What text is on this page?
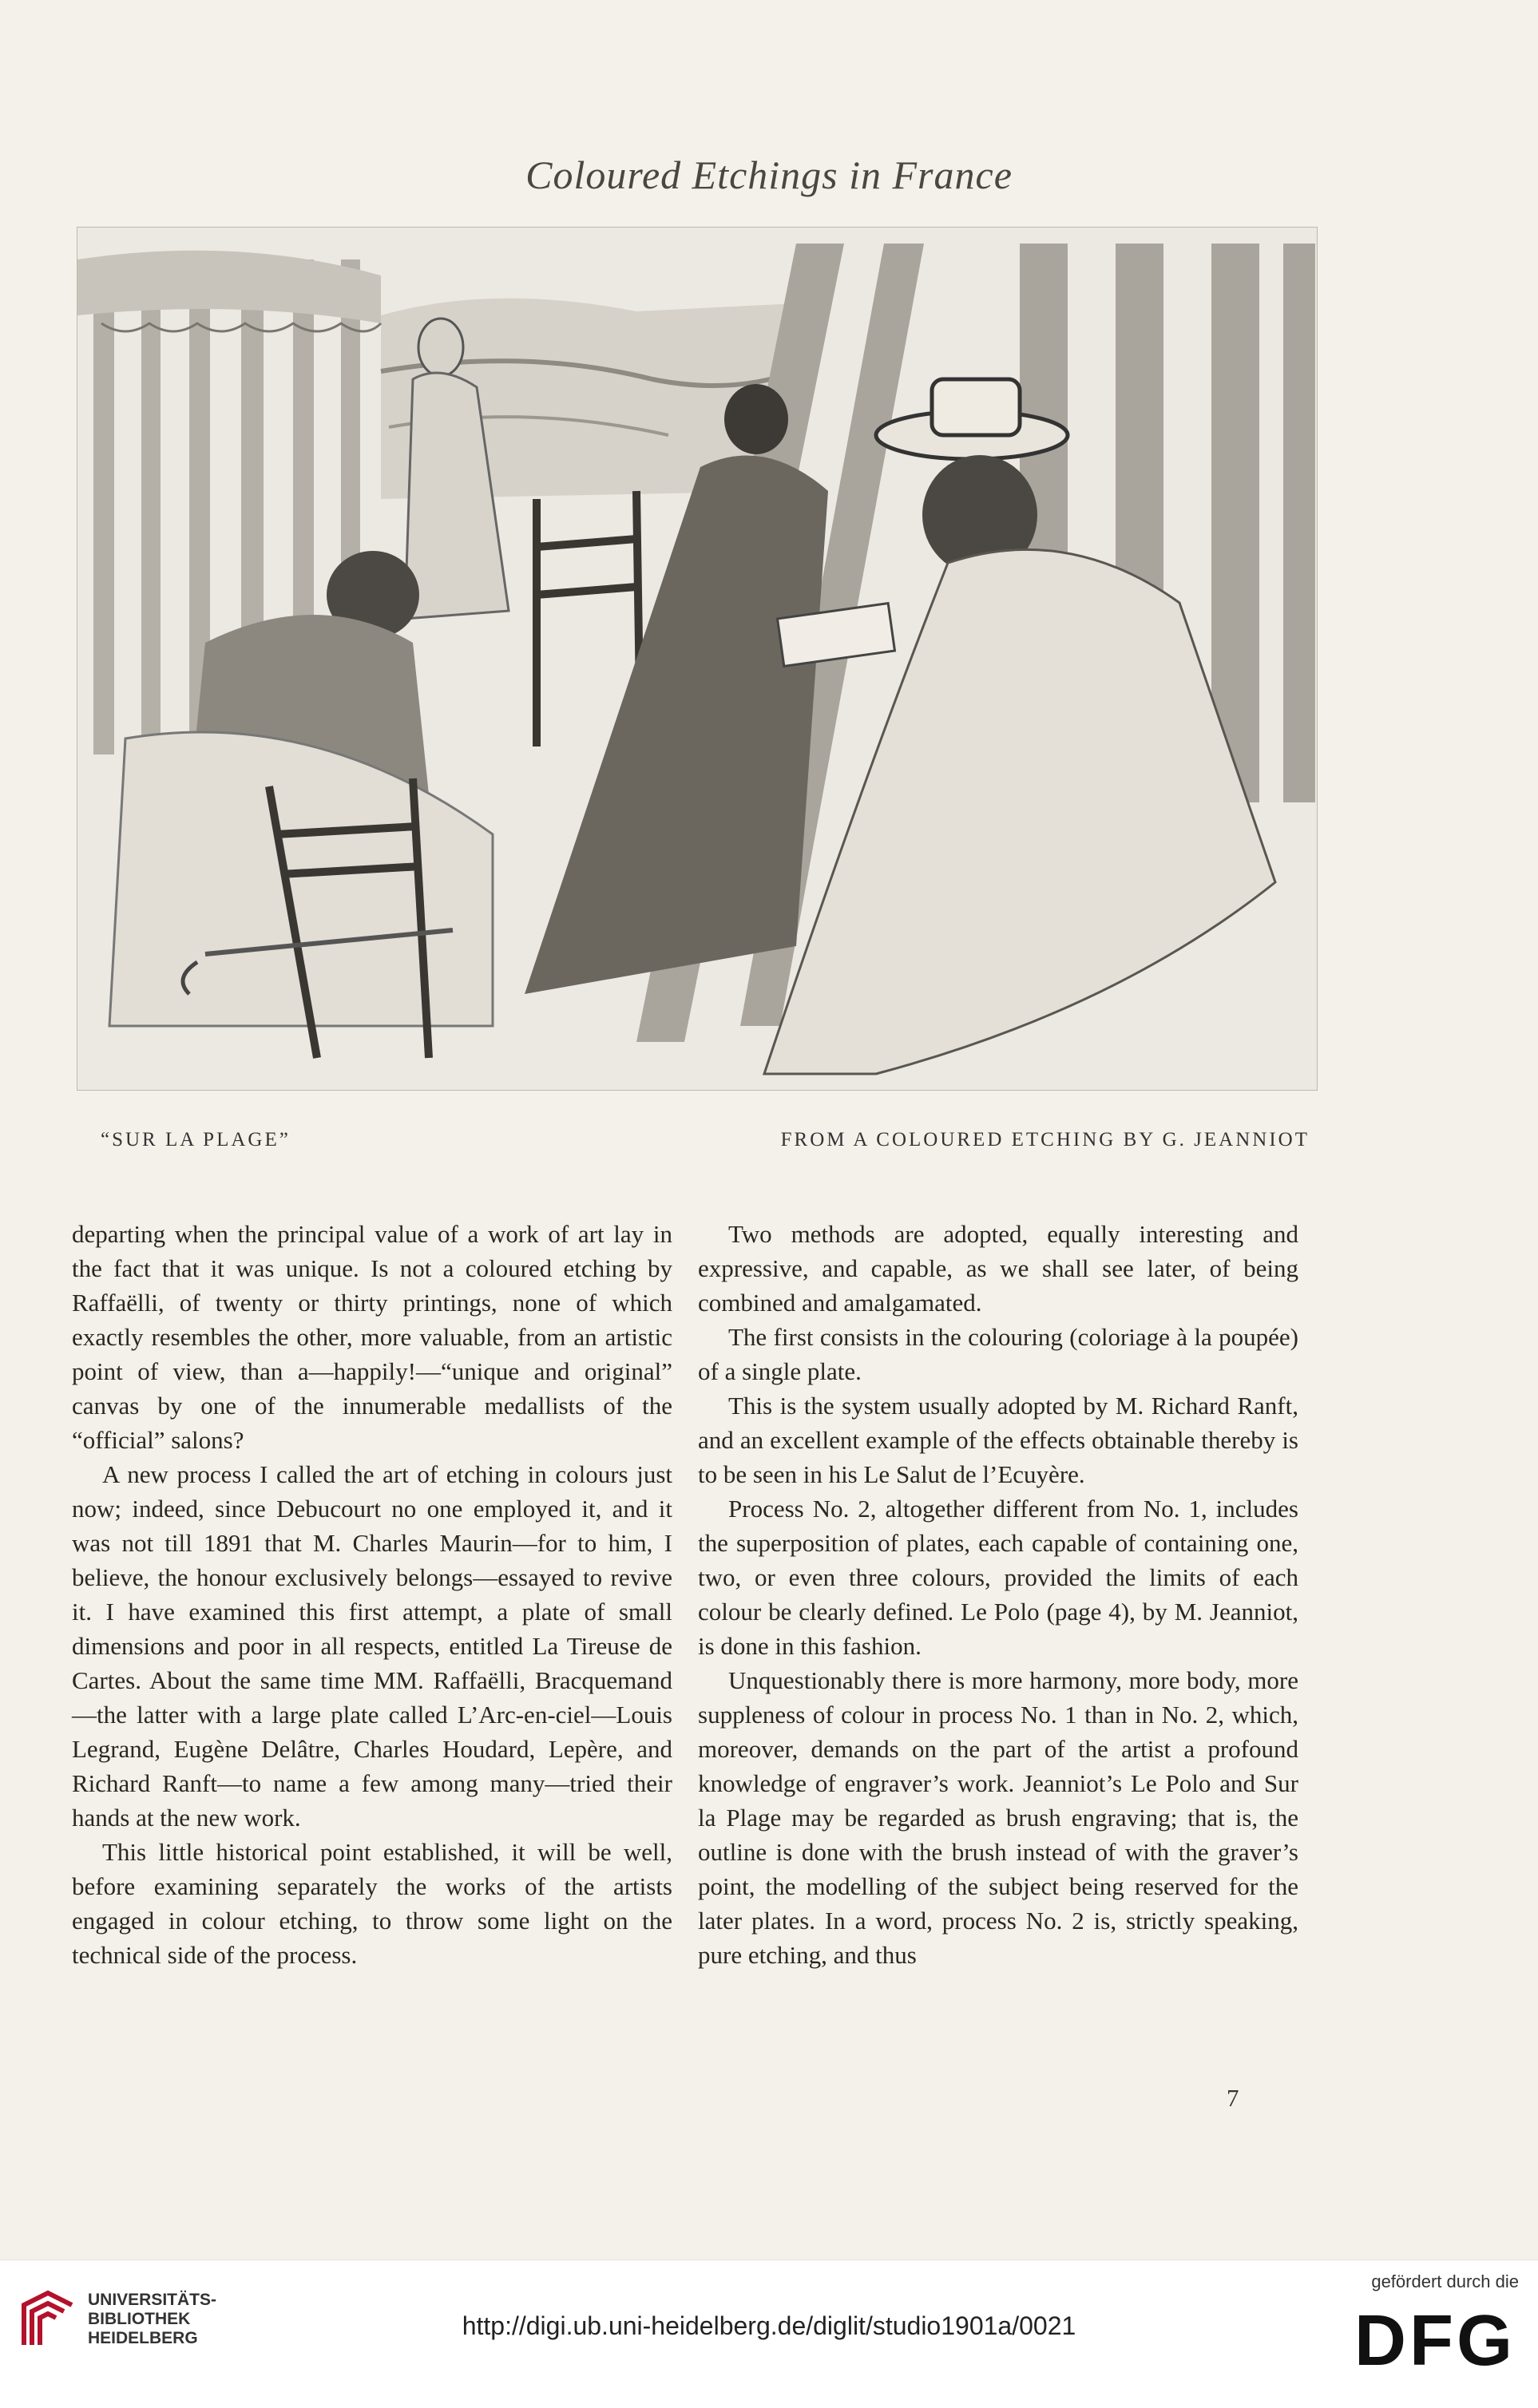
Coloured Etchings in France
“SUR LA PLAGE”	FROM A COLOURED ETCHING BY G. JEANNIOT

departing when the principal value of a work of art lay in the fact that it was unique. Is not a coloured etching by Raffaëlli, of twenty or thirty printings, none of which exactly resembles the other, more valuable, from an artistic point of view, than a—happily!—“unique and original” canvas by one of the innumerable medallists of the “official” salons?

A new process I called the art of etching in colours just now; indeed, since Debucourt no one employed it, and it was not till 1891 that M. Charles Maurin—for to him, I believe, the honour exclusively belongs—essayed to revive it. I have examined this first attempt, a plate of small dimensions and poor in all respects, entitled La Tireuse de Cartes. About the same time MM. Raffaëlli, Bracquemand—the latter with a large plate called L’Arc-en-ciel—Louis Legrand, Eugène Delâtre, Charles Houdard, Lepère, and Richard Ranft—to name a few among many—tried their hands at the new work.

This little historical point established, it will be well, before examining separately the works of the artists engaged in colour etching, to throw some light on the technical side of the process.

Two methods are adopted, equally interesting and expressive, and capable, as we shall see later, of being combined and amalgamated.

The first consists in the colouring (coloriage à la poupée) of a single plate.

This is the system usually adopted by M. Richard Ranft, and an excellent example of the effects obtainable thereby is to be seen in his Le Salut de l’Ecuyère.

Process No. 2, altogether different from No. 1, includes the superposition of plates, each capable of containing one, two, or even three colours, provided the limits of each colour be clearly defined. Le Polo (page 4), by M. Jeanniot, is done in this fashion.

Unquestionably there is more harmony, more body, more suppleness of colour in process No. 1 than in No. 2, which, moreover, demands on the part of the artist a profound knowledge of engraver’s work. Jeanniot’s Le Polo and Sur la Plage may be regarded as brush engraving; that is, the outline is done with the brush instead of with the graver’s point, the modelling of the subject being reserved for the later plates. In a word, process No. 2 is, strictly speaking, pure etching, and thus

7
UNIVERSITÄTS-
BIBLIOTHEK
HEIDELBERG	http://digi.ub.uni-heidelberg.de/diglit/studio1901a/0021
gefördert durch die
DFG
